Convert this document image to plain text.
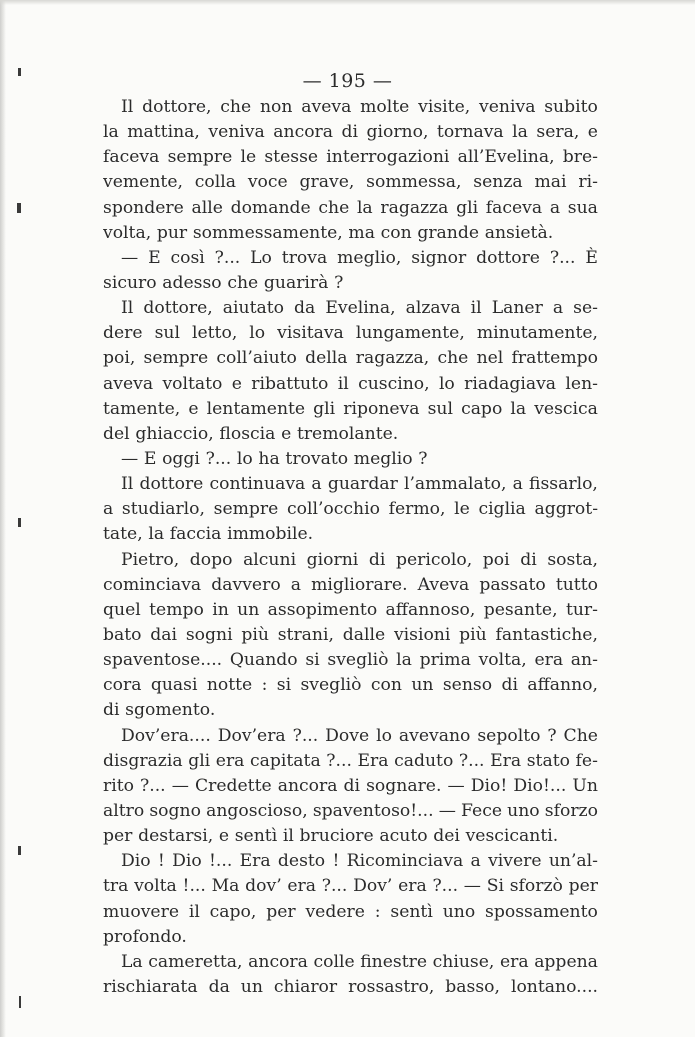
— 195 —
Il dottore, che non aveva molte visite, veniva subito
la mattina, veniva ancora di giorno, tornava la sera, e
faceva sempre le stesse interrogazioni all’Evelina, bre-
vemente, colla voce grave, sommessa, senza mai ri-
spondere alle domande che la ragazza gli faceva a sua
volta, pur sommessamente, ma con grande ansietà.
— E così ?... Lo trova meglio, signor dottore ?... È
sicuro adesso che guarirà ?
Il dottore, aiutato da Evelina, alzava il Laner a se-
dere sul letto, lo visitava lungamente, minutamente,
poi, sempre coll’aiuto della ragazza, che nel frattempo
aveva voltato e ribattuto il cuscino, lo riadagiava len-
tamente, e lentamente gli riponeva sul capo la vescica
del ghiaccio, floscia e tremolante.
— E oggi ?... lo ha trovato meglio ?
Il dottore continuava a guardar l’ammalato, a fissarlo,
a studiarlo, sempre coll’occhio fermo, le ciglia aggrot-
tate, la faccia immobile.
Pietro, dopo alcuni giorni di pericolo, poi di sosta,
cominciava davvero a migliorare. Aveva passato tutto
quel tempo in un assopimento affannoso, pesante, tur-
bato dai sogni più strani, dalle visioni più fantastiche,
spaventose.... Quando si svegliò la prima volta, era an-
cora quasi notte : si svegliò con un senso di affanno,
di sgomento.
Dov’era.... Dov’era ?... Dove lo avevano sepolto ? Che
disgrazia gli era capitata ?... Era caduto ?... Era stato fe-
rito ?... — Credette ancora di sognare. — Dio! Dio!... Un
altro sogno angoscioso, spaventoso!... — Fece uno sforzo
per destarsi, e sentì il bruciore acuto dei vescicanti.
Dio ! Dio !... Era desto ! Ricominciava a vivere un’al-
tra volta !... Ma dov’ era ?... Dov’ era ?... — Si sforzò per
muovere il capo, per vedere : sentì uno spossamento
profondo.
La cameretta, ancora colle finestre chiuse, era appena
rischiarata da un chiaror rossastro, basso, lontano....
